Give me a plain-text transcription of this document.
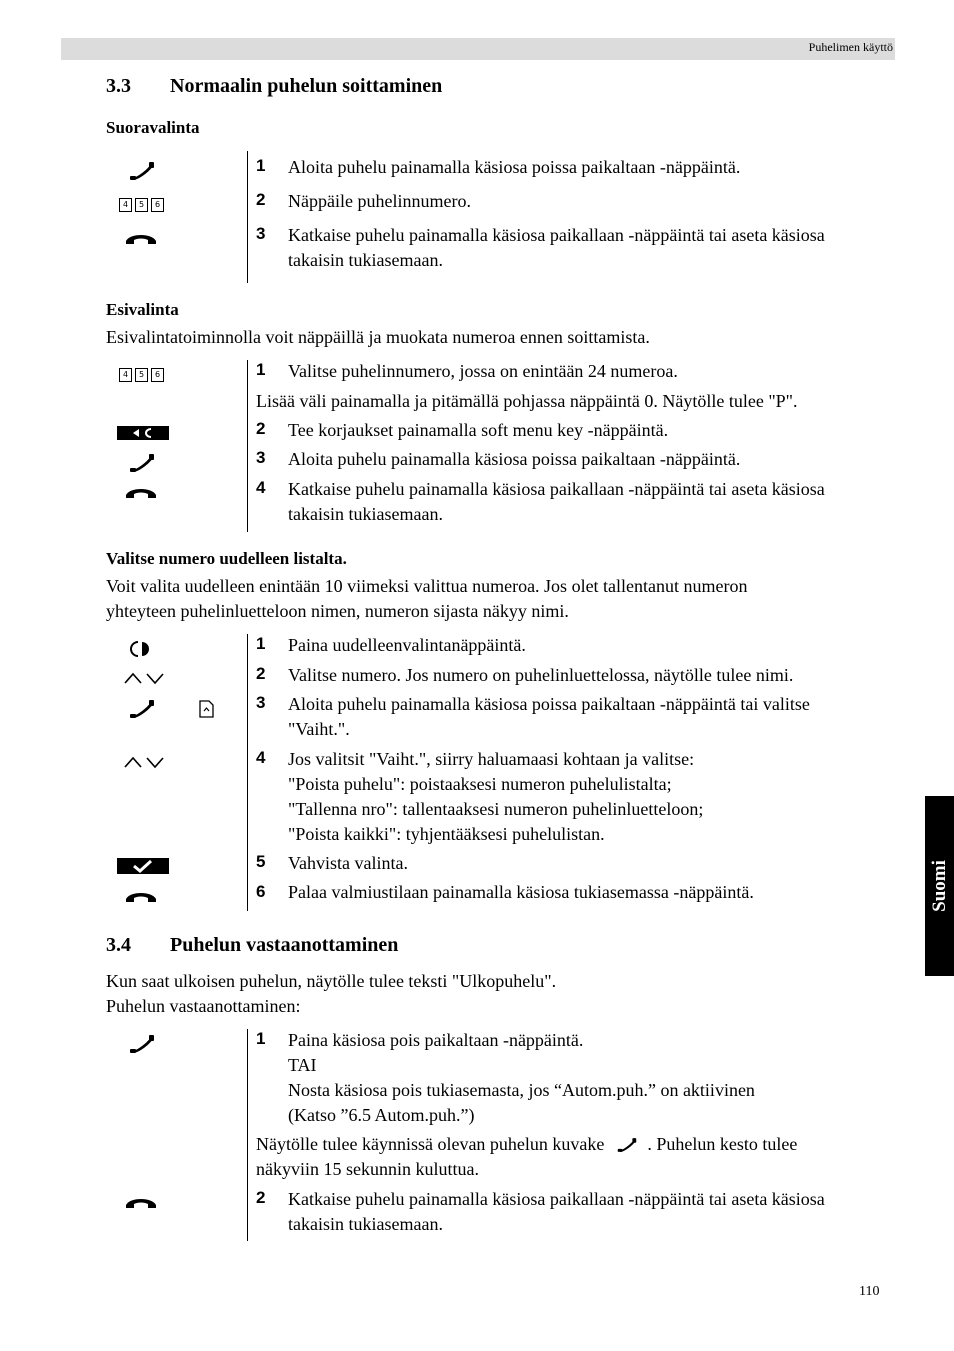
Puhelimen käyttö
3.3 Normaalin puhelun soittaminen
Suoravalinta
1 Aloita puhelu painamalla käsiosa poissa paikaltaan -näppäintä.
4	5	6	2 Näppäile puhelinnumero.
3 Katkaise puhelu painamalla käsiosa paikallaan -näppäintä tai aseta käsiosa
takaisin tukiasemaan.
Esivalinta
Esivalintatoiminnolla voit näppäillä ja muokata numeroa ennen soittamista.
4	5	6	1 Valitse puhelinnumero, jossa on enintään 24 numeroa.
Lisää väli painamalla ja pitämällä pohjassa näppäintä 0. Näytölle tulee "P".
2 Tee korjaukset painamalla soft menu key -näppäintä.
3 Aloita puhelu painamalla käsiosa poissa paikaltaan -näppäintä.
4 Katkaise puhelu painamalla käsiosa paikallaan -näppäintä tai aseta käsiosa
takaisin tukiasemaan.
Valitse numero uudelleen listalta.
Voit valita uudelleen enintään 10 viimeksi valittua numeroa. Jos olet tallentanut numeron
yhteyteen puhelinluetteloon nimen, numeron sijasta näkyy nimi.
1 Paina uudelleenvalintanäppäintä.
2 Valitse numero. Jos numero on puhelinluettelossa, näytölle tulee nimi.
3 Aloita puhelu painamalla käsiosa poissa paikaltaan -näppäintä tai valitse
"Vaiht.".
4 Jos valitsit "Vaiht.", siirry haluamaasi kohtaan ja valitse:
"Poista puhelu": poistaaksesi numeron puhelulistalta;
"Tallenna nro": tallentaaksesi numeron puhelinluetteloon;
"Poista kaikki": tyhjentääksesi puhelulistan.
5 Vahvista valinta.
6 Palaa valmiustilaan painamalla käsiosa tukiasemassa -näppäintä.
3.4 Puhelun vastaanottaminen
Kun saat ulkoisen puhelun, näytölle tulee teksti "Ulkopuhelu".
Puhelun vastaanottaminen:
1 Paina käsiosa pois paikaltaan -näppäintä.
TAI
Nosta käsiosa pois tukiasemasta, jos “Autom.puh.” on aktiivinen
(Katso ”6.5 Autom.puh.”)
Näytölle tulee käynnissä olevan puhelun kuvake . Puhelun kesto tulee
näkyviin 15 sekunnin kuluttua.
2 Katkaise puhelu painamalla käsiosa paikallaan -näppäintä tai aseta käsiosa
takaisin tukiasemaan.
Suomi
110
